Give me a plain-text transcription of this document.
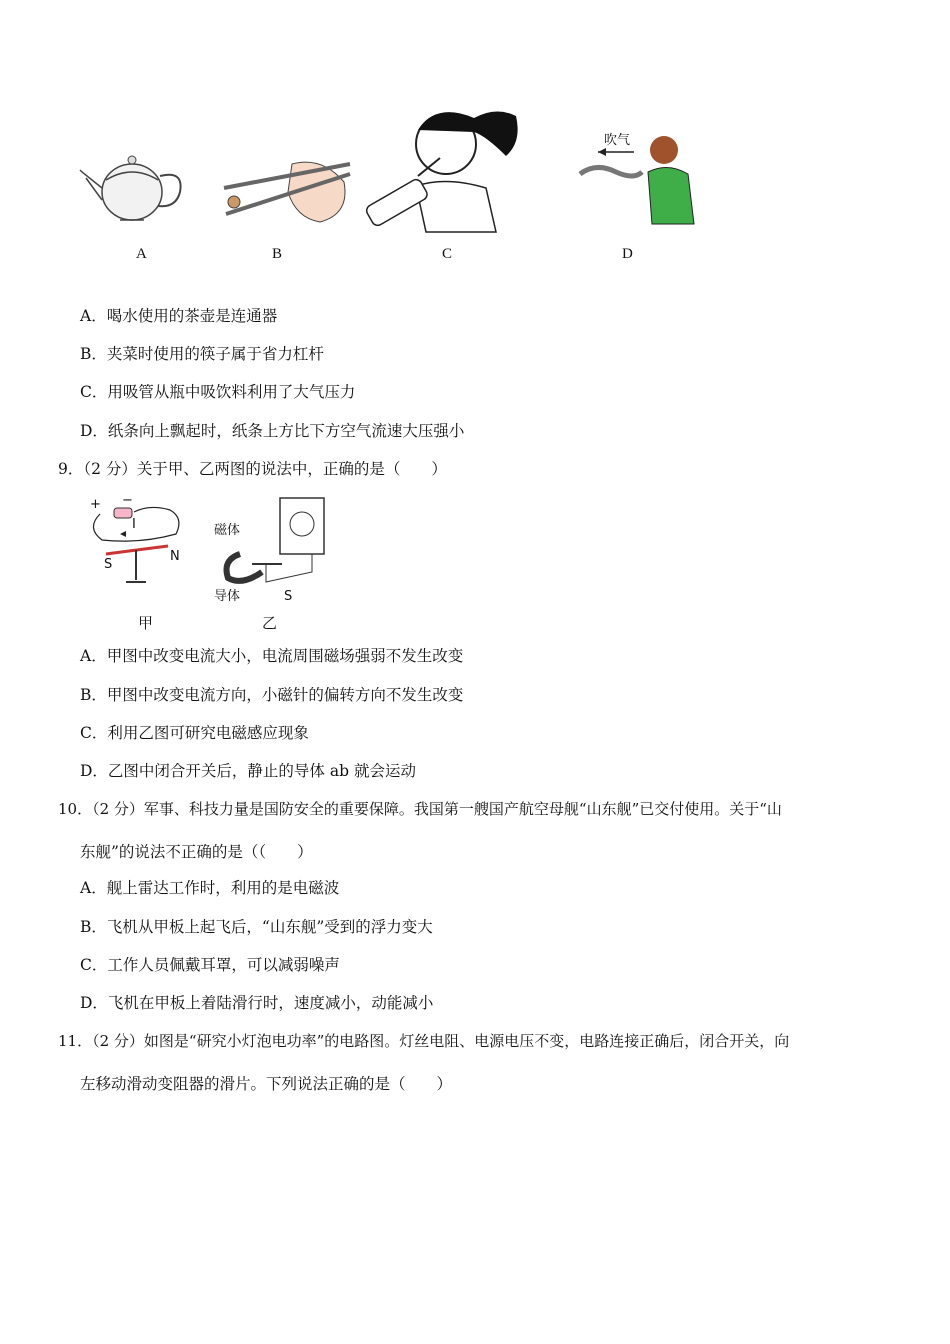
吹气
A	B	C	D
A．喝水使用的茶壶是连通器
B．夹菜时使用的筷子属于省力杠杆
C．用吸管从瓶中吸饮料利用了大气压力
D．纸条向上飘起时，纸条上方比下方空气流速大压强小
9．（2 分）关于甲、乙两图的说法中，正确的是（　　）
+ −
I
S
N
甲
磁体
导体	S
乙
A．甲图中改变电流大小，电流周围磁场强弱不发生改变
B．甲图中改变电流方向，小磁针的偏转方向不发生改变
C．利用乙图可研究电磁感应现象
D．乙图中闭合开关后，静止的导体 ab 就会运动
10．（2 分）军事、科技力量是国防安全的重要保障。我国第一艘国产航空母舰“山东舰”已交付使用。关于“山
东舰”的说法不正确的是（（　　）
A．舰上雷达工作时，利用的是电磁波
B．飞机从甲板上起飞后，“山东舰”受到的浮力变大
C．工作人员佩戴耳罩，可以减弱噪声
D．飞机在甲板上着陆滑行时，速度减小，动能减小
11．（2 分）如图是“研究小灯泡电功率”的电路图。灯丝电阻、电源电压不变，电路连接正确后，闭合开关，向
左移动滑动变阻器的滑片。下列说法正确的是（　　）
